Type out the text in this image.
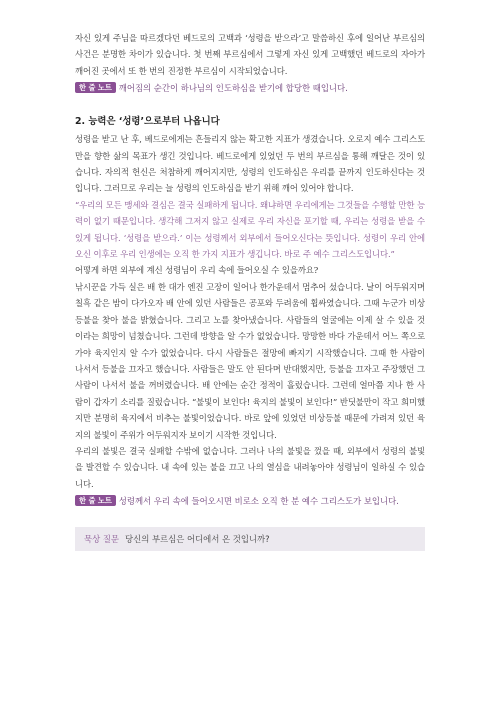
자신 있게 주님을 따르겠다던 베드로의 고백과 ‘성령을 받으라’고 말씀하신 후에 일어난 부르심의 사건은 분명한 차이가 있습니다. 첫 번째 부르심에서 그렇게 자신 있게 고백했던 베드로의 자아가 깨어진 곳에서 또 한 번의 진정한 부르심이 시작되었습니다.

한 줄 노트 깨어짐의 순간이 하나님의 인도하심을 받기에 합당한 때입니다.
2. 능력은 ‘성령’으로부터 나옵니다

성령을 받고 난 후, 베드로에게는 흔들리지 않는 확고한 지표가 생겼습니다. 오로지 예수 그리스도만을 향한 삶의 목표가 생긴 것입니다. 베드로에게 있었던 두 번의 부르심을 통해 깨달은 것이 있습니다. 자의적 헌신은 처참하게 깨어지지만, 성령의 인도하심은 우리를 끝까지 인도하신다는 것입니다. 그러므로 우리는 늘 성령의 인도하심을 받기 위해 깨어 있어야 합니다.

“우리의 모든 맹세와 결심은 결국 실패하게 됩니다. 왜냐하면 우리에게는 그것들을 수행할 만한 능력이 없기 때문입니다. 생각해 그저지 않고 실제로 우리 자신을 포기할 때, 우리는 성령을 받을 수 있게 됩니다. ‘성령을 받으라.’ 이는 성령께서 외부에서 들어오신다는 뜻입니다. 성령이 우리 안에 오신 이후로 우리 인생에는 오직 한 가지 지표가 생깁니다. 바로 주 예수 그리스도입니다.”

어떻게 하면 외부에 계신 성령님이 우리 속에 들어오실 수 있을까요?

낚시꾼을 가득 실은 배 한 대가 엔진 고장이 일어나 한가운데서 멈추어 섰습니다. 날이 어두워지며 칠흑 같은 밤이 다가오자 배 안에 있던 사람들은 공포와 두려움에 휩싸였습니다. 그때 누군가 비상 등불을 찾아 불을 밝혔습니다. 그리고 노를 찾아냈습니다. 사람들의 얼굴에는 이제 살 수 있을 것이라는 희망이 넘쳤습니다. 그런데 방향을 알 수가 없었습니다. 망망한 바다 가운데서 어느 쪽으로 가야 육지인지 알 수가 없었습니다. 다시 사람들은 절망에 빠지기 시작했습니다. 그때 한 사람이 나서서 등불을 끄자고 했습니다. 사람들은 말도 안 된다며 반대했지만, 등불을 끄자고 주장했던 그 사람이 나서서 불을 꺼버렸습니다. 배 안에는 순간 정적이 흘렀습니다. 그런데 얼마쯤 지나 한 사람이 갑자기 소리를 질렀습니다. “불빛이 보인다! 육지의 불빛이 보인다!” 반딧불만이 작고 희미했지만 분명히 육지에서 비추는 불빛이었습니다. 바로 앞에 있었던 비상등불 때문에 가려져 있던 육지의 불빛이 주위가 어두워지자 보이기 시작한 것입니다.

우리의 불빛은 결국 실패할 수밖에 없습니다. 그러나 나의 불빛을 껐을 때, 외부에서 성령의 불빛을 발견할 수 있습니다. 내 속에 있는 불을 끄고 나의 열심을 내려놓아야 성령님이 일하실 수 있습니다.

한 줄 노트 성령께서 우리 속에 들어오시면 비로소 오직 한 분 예수 그리스도가 보입니다.
묵상 질문 당신의 부르심은 어디에서 온 것입니까?
